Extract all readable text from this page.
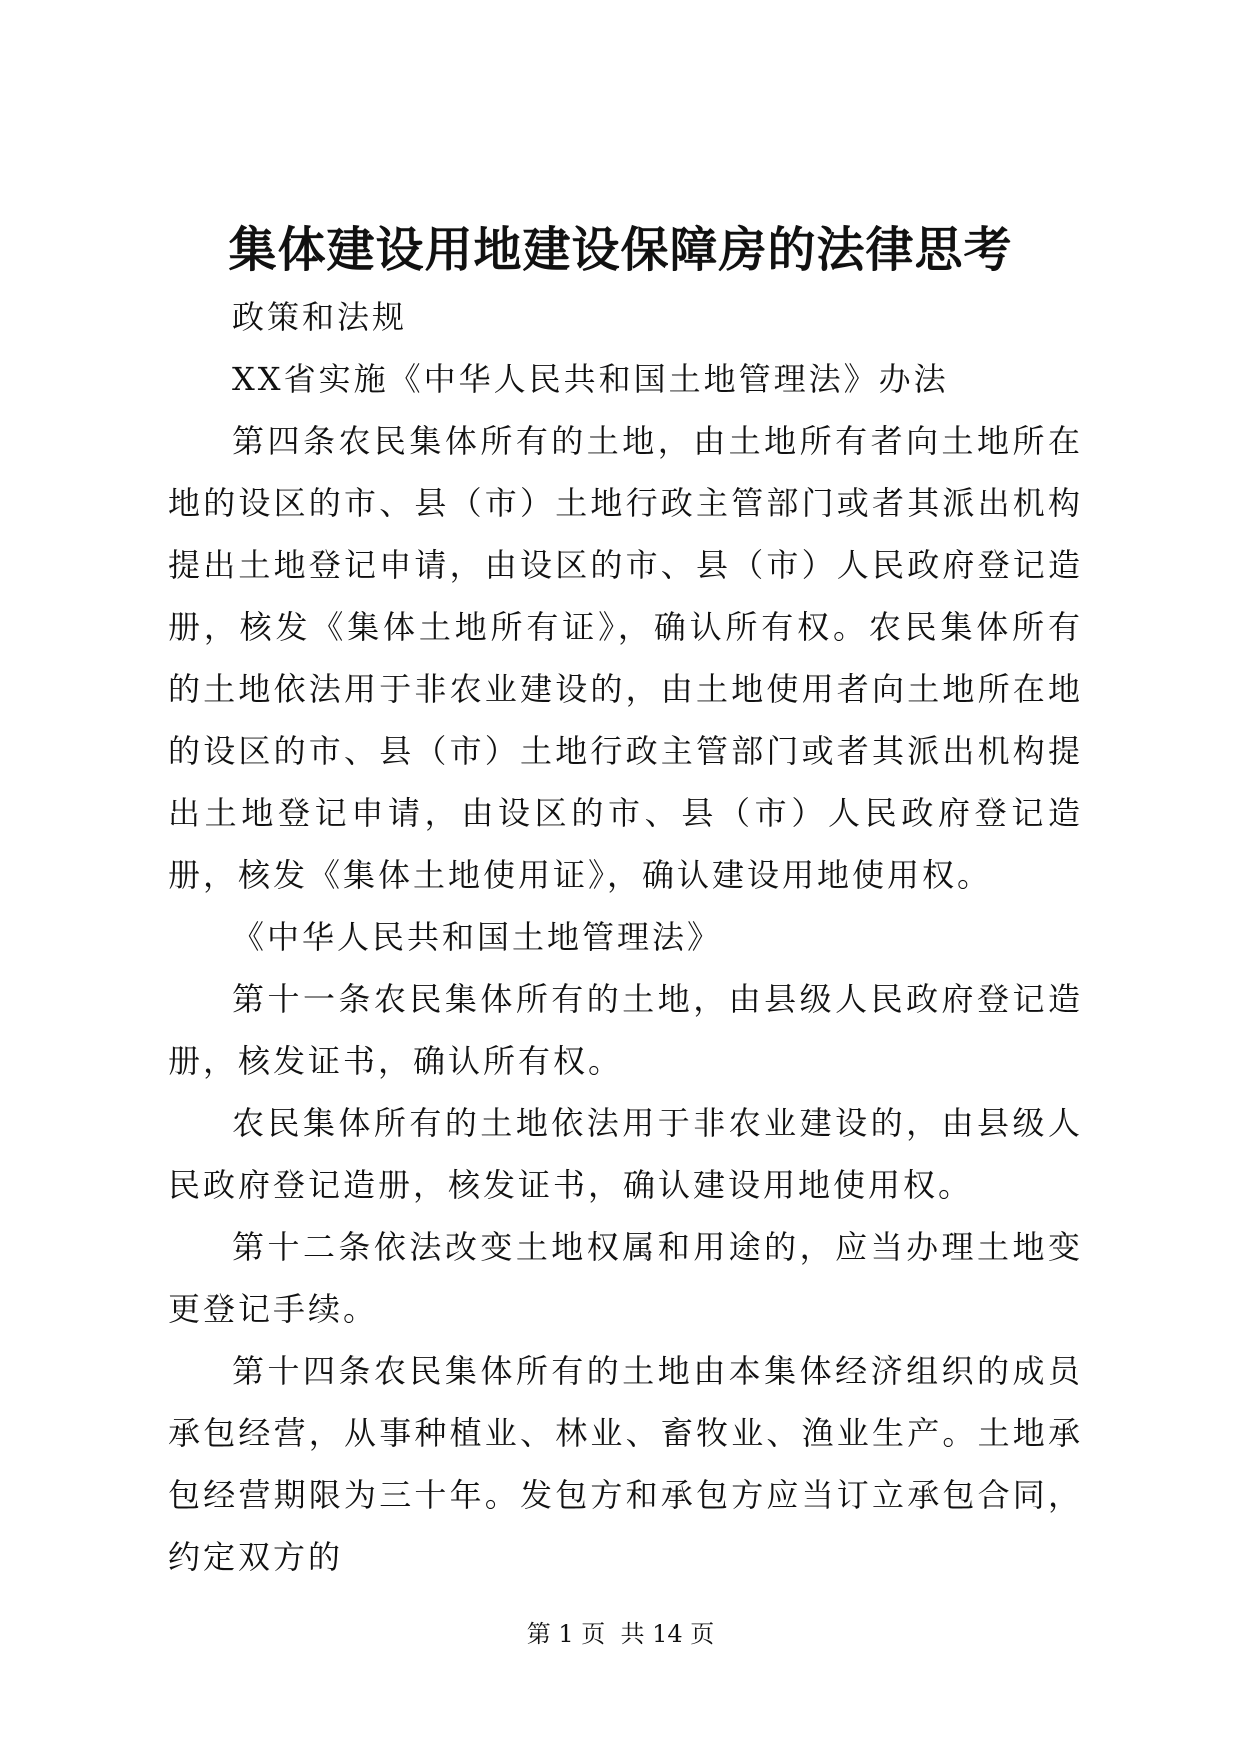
集体建设用地建设保障房的法律思考

政策和法规

XX省实施《中华人民共和国土地管理法》办法

第四条农民集体所有的土地，由土地所有者向土地所在地的设区的市、县（市）土地行政主管部门或者其派出机构提出土地登记申请，由设区的市、县（市）人民政府登记造册，核发《集体土地所有证》，确认所有权。农民集体所有的土地依法用于非农业建设的，由土地使用者向土地所在地的设区的市、县（市）土地行政主管部门或者其派出机构提出土地登记申请，由设区的市、县（市）人民政府登记造册，核发《集体土地使用证》，确认建设用地使用权。

《中华人民共和国土地管理法》

第十一条农民集体所有的土地，由县级人民政府登记造册，核发证书，确认所有权。

农民集体所有的土地依法用于非农业建设的，由县级人民政府登记造册，核发证书，确认建设用地使用权。

第十二条依法改变土地权属和用途的，应当办理土地变更登记手续。

第十四条农民集体所有的土地由本集体经济组织的成员承包经营，从事种植业、林业、畜牧业、渔业生产。土地承包经营期限为三十年。发包方和承包方应当订立承包合同，约定双方的

第 1 页  共 14 页
